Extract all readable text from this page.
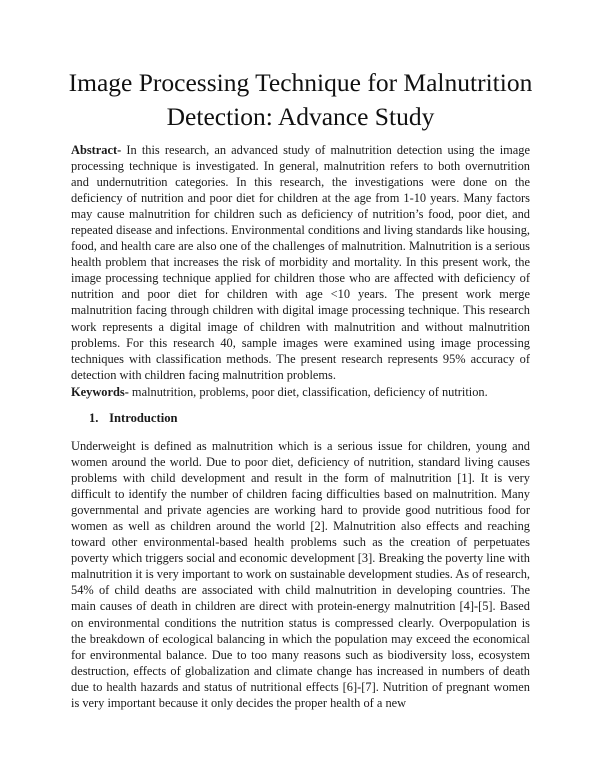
Image Processing Technique for Malnutrition
Detection: Advance Study

Abstract- In this research, an advanced study of malnutrition detection using the image processing technique is investigated. In general, malnutrition refers to both overnutrition and undernutrition categories. In this research, the investigations were done on the deficiency of nutrition and poor diet for children at the age from 1-10 years. Many factors may cause malnutrition for children such as deficiency of nutrition’s food, poor diet, and repeated disease and infections. Environmental conditions and living standards like housing, food, and health care are also one of the challenges of malnutrition. Malnutrition is a serious health problem that increases the risk of morbidity and mortality. In this present work, the image processing technique applied for children those who are affected with deficiency of nutrition and poor diet for children with age <10 years. The present work merge malnutrition facing through children with digital image processing technique. This research work represents a digital image of children with malnutrition and without malnutrition problems. For this research 40, sample images were examined using image processing techniques with classification methods. The present research represents 95% accuracy of detection with children facing malnutrition problems.

Keywords- malnutrition, problems, poor diet, classification, deficiency of nutrition.

1. Introduction

Underweight is defined as malnutrition which is a serious issue for children, young and women around the world. Due to poor diet, deficiency of nutrition, standard living causes problems with child development and result in the form of malnutrition [1]. It is very difficult to identify the number of children facing difficulties based on malnutrition. Many governmental and private agencies are working hard to provide good nutritious food for women as well as children around the world [2]. Malnutrition also effects and reaching toward other environmental-based health problems such as the creation of perpetuates poverty which triggers social and economic development [3]. Breaking the poverty line with malnutrition it is very important to work on sustainable development studies. As of research, 54% of child deaths are associated with child malnutrition in developing countries. The main causes of death in children are direct with protein-energy malnutrition [4]-[5]. Based on environmental conditions the nutrition status is compressed clearly. Overpopulation is the breakdown of ecological balancing in which the population may exceed the economical for environmental balance. Due to too many reasons such as biodiversity loss, ecosystem destruction, effects of globalization and climate change has increased in numbers of death due to health hazards and status of nutritional effects [6]-[7]. Nutrition of pregnant women is very important because it only decides the proper health of a new
